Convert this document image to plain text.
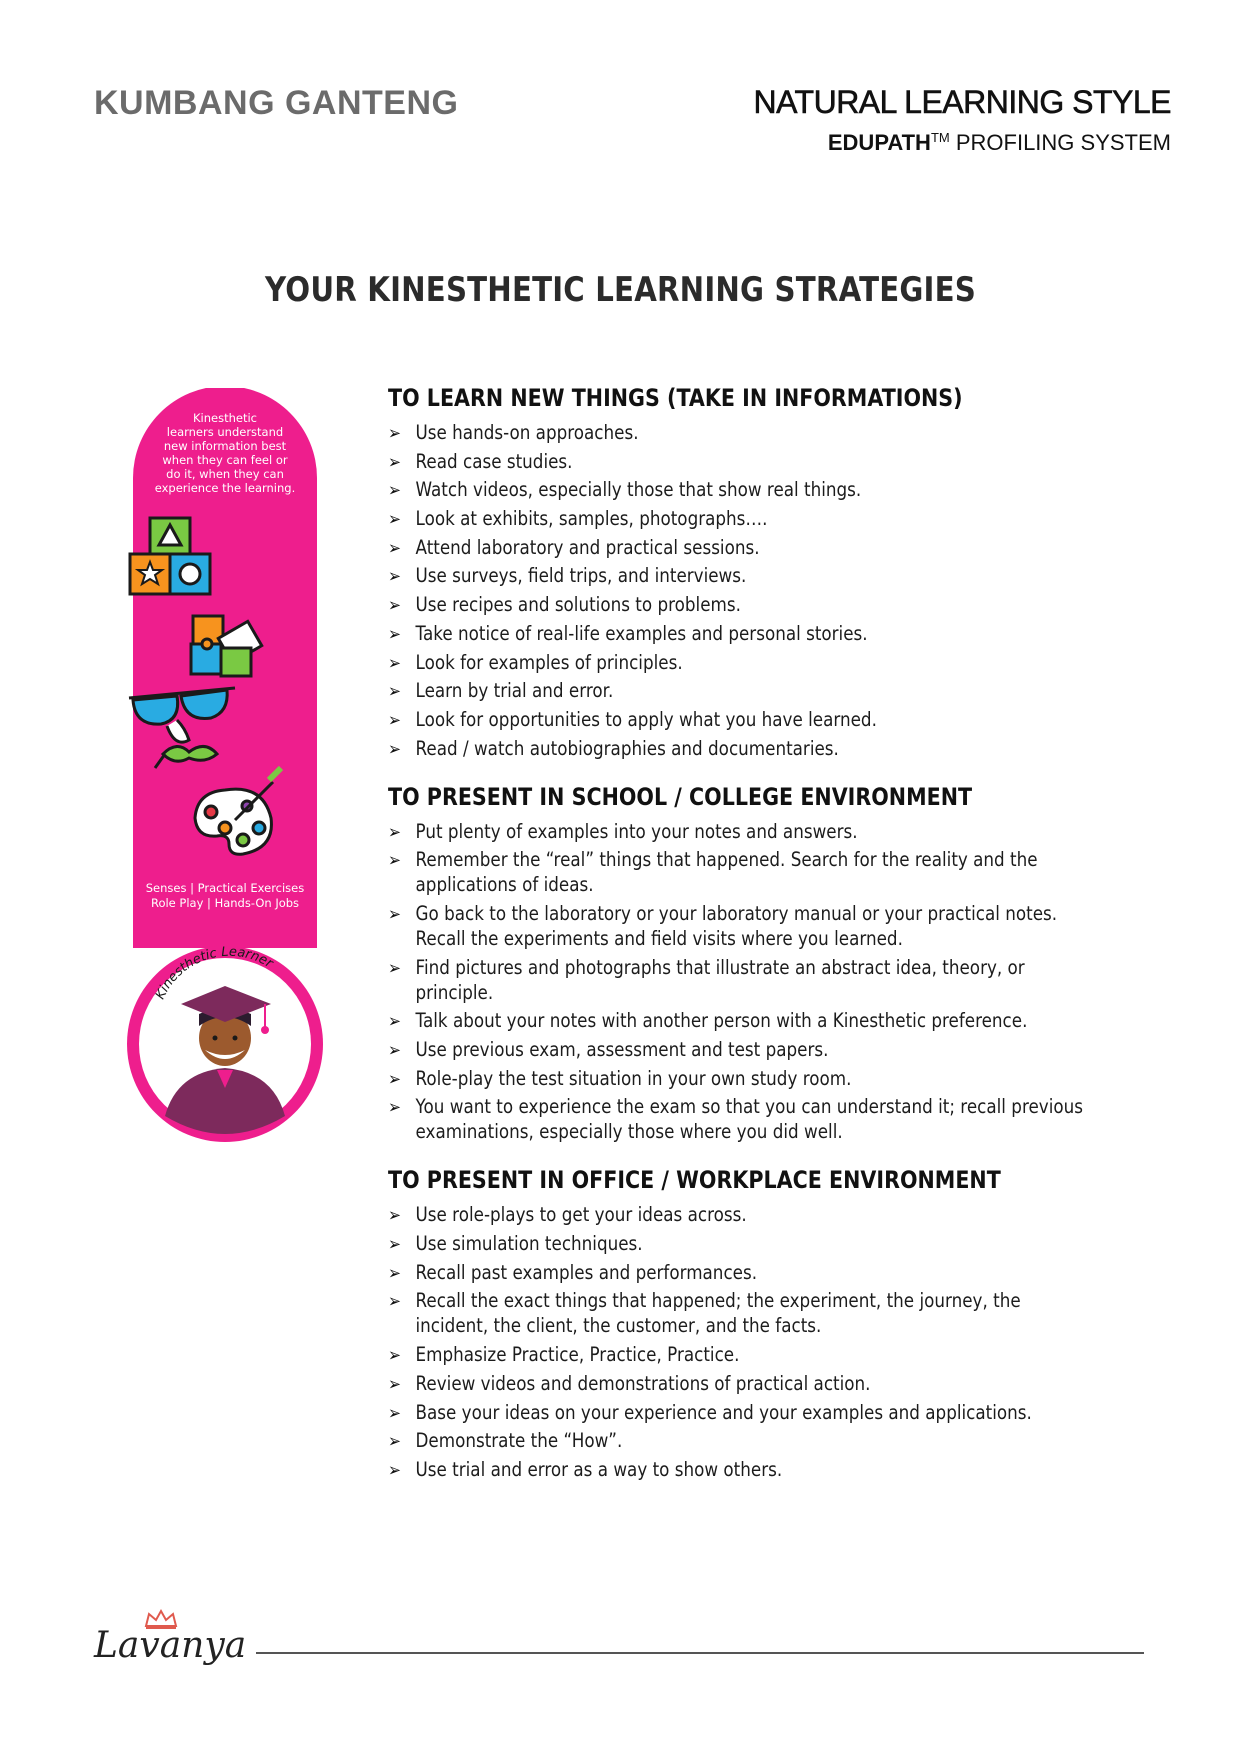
KUMBANG GANTENG	NATURAL LEARNING STYLE
EDUPATH™ PROFILING SYSTEM
YOUR KINESTHETIC LEARNING STRATEGIES
Kinesthetic
learners understand
new information best
when they can feel or
do it, when they can
experience the learning.
Senses | Practical Exercises
Role Play | Hands-On Jobs
Kinesthetic Learner
TO LEARN NEW THINGS (TAKE IN INFORMATIONS)
➢ Use hands-on approaches.
➢ Read case studies.
➢ Watch videos, especially those that show real things.
➢ Look at exhibits, samples, photographs….
➢ Attend laboratory and practical sessions.
➢ Use surveys, field trips, and interviews.
➢ Use recipes and solutions to problems.
➢ Take notice of real-life examples and personal stories.
➢ Look for examples of principles.
➢ Learn by trial and error.
➢ Look for opportunities to apply what you have learned.
➢ Read / watch autobiographies and documentaries.
TO PRESENT IN SCHOOL / COLLEGE ENVIRONMENT
➢ Put plenty of examples into your notes and answers.
➢ Remember the “real” things that happened. Search for the reality and the applications of ideas.
➢ Go back to the laboratory or your laboratory manual or your practical notes. Recall the experiments and field visits where you learned.
➢ Find pictures and photographs that illustrate an abstract idea, theory, or principle.
➢ Talk about your notes with another person with a Kinesthetic preference.
➢ Use previous exam, assessment and test papers.
➢ Role-play the test situation in your own study room.
➢ You want to experience the exam so that you can understand it; recall previous examinations, especially those where you did well.
TO PRESENT IN OFFICE / WORKPLACE ENVIRONMENT
➢ Use role-plays to get your ideas across.
➢ Use simulation techniques.
➢ Recall past examples and performances.
➢ Recall the exact things that happened; the experiment, the journey, the incident, the client, the customer, and the facts.
➢ Emphasize Practice, Practice, Practice.
➢ Review videos and demonstrations of practical action.
➢ Base your ideas on your experience and your examples and applications.
➢ Demonstrate the “How”.
➢ Use trial and error as a way to show others.
Lavanya
